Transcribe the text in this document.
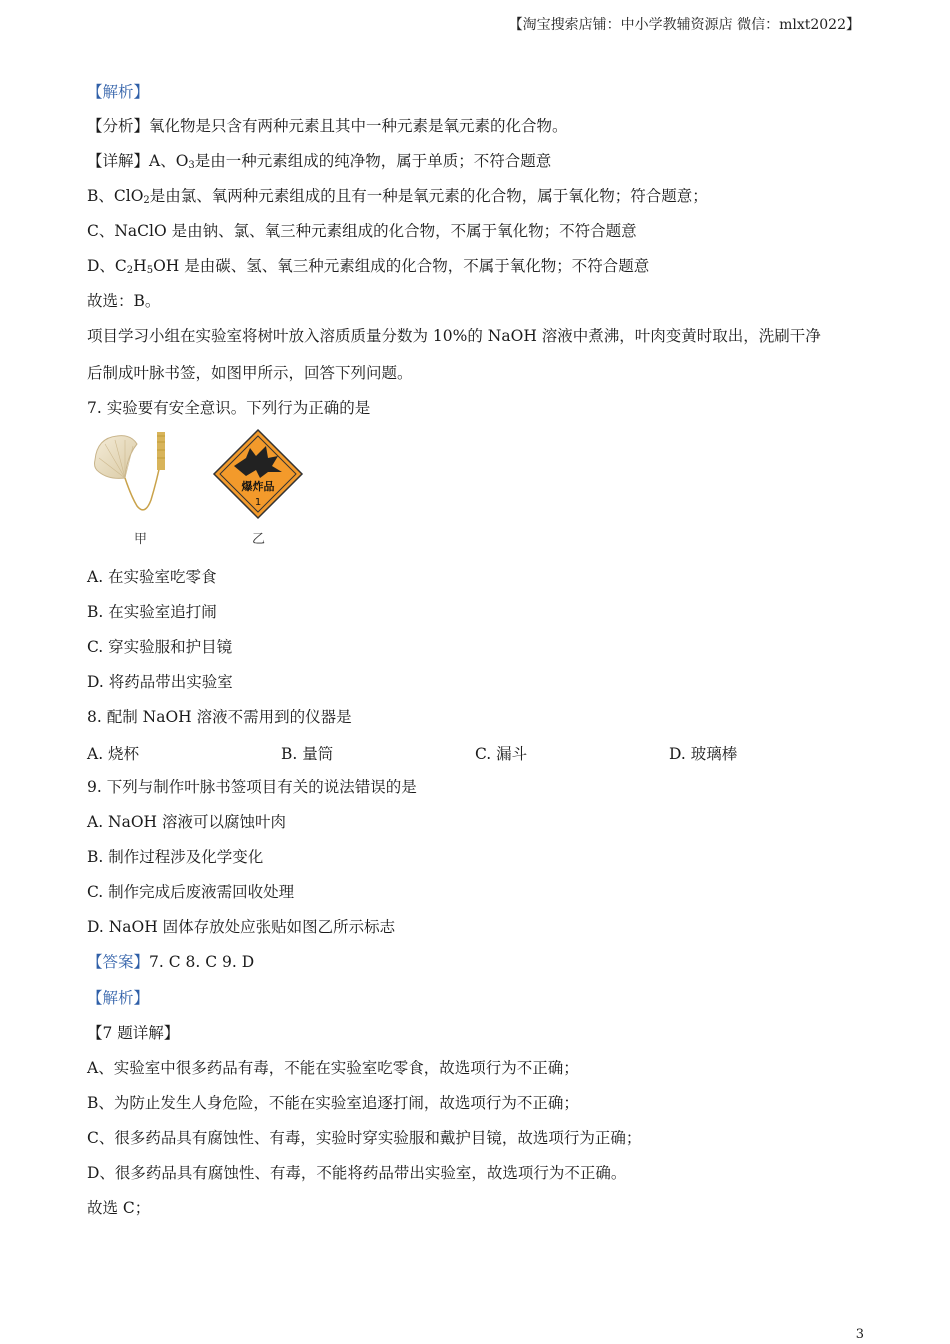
【淘宝搜索店铺：中小学教辅资源店 微信：mlxt2022】
【解析】
【分析】氧化物是只含有两种元素且其中一种元素是氧元素的化合物。
【详解】A、$O_3$是由一种元素组成的纯净物，属于单质；不符合题意
B、ClO$_2$是由氯、氧两种元素组成的且有一种是氧元素的化合物，属于氧化物；符合题意；
C、NaClO 是由钠、氯、氧三种元素组成的化合物，不属于氧化物；不符合题意
D、$C_2H_5OH$ 是由碳、氢、氧三种元素组成的化合物，不属于氧化物；不符合题意
故选：B。
项目学习小组在实验室将树叶放入溶质质量分数为 10%的 NaOH 溶液中煮沸，叶肉变黄时取出，洗刷干净
后制成叶脉书签，如图甲所示，回答下列问题。
7. 实验要有安全意识。下列行为正确的是
爆炸品
1
甲	乙
A. 在实验室吃零食
B. 在实验室追打闹
C. 穿实验服和护目镜
D. 将药品带出实验室
8. 配制 NaOH 溶液不需用到的仪器是
A. 烧杯	B. 量筒	C. 漏斗	D. 玻璃棒
9. 下列与制作叶脉书签项目有关的说法错误的是
A. NaOH 溶液可以腐蚀叶肉
B. 制作过程涉及化学变化
C. 制作完成后废液需回收处理
D. NaOH 固体存放处应张贴如图乙所示标志
【答案】7. C 8. C 9. D
【解析】
【7 题详解】
A、实验室中很多药品有毒，不能在实验室吃零食，故选项行为不正确；
B、为防止发生人身危险，不能在实验室追逐打闹，故选项行为不正确；
C、很多药品具有腐蚀性、有毒，实验时穿实验服和戴护目镜，故选项行为正确；
D、很多药品具有腐蚀性、有毒，不能将药品带出实验室，故选项行为不正确。
故选 C；
3
